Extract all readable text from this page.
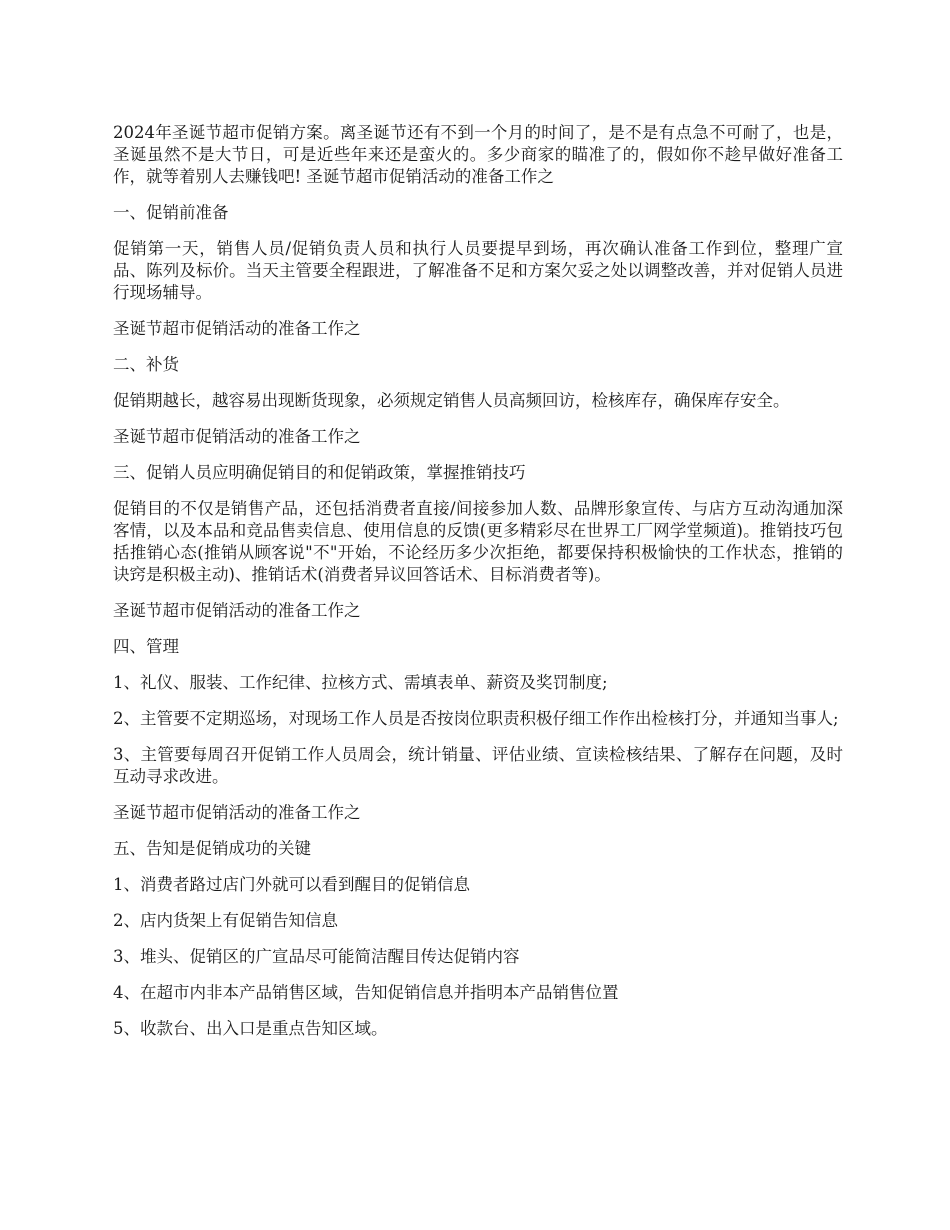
2024年圣诞节超市促销方案。离圣诞节还有不到一个月的时间了，是不是有点急不可耐了，也是，圣诞虽然不是大节日，可是近些年来还是蛮火的。多少商家的瞄准了的，假如你不趁早做好准备工作，就等着别人去赚钱吧! 圣诞节超市促销活动的准备工作之

一、促销前准备

促销第一天，销售人员/促销负责人员和执行人员要提早到场，再次确认准备工作到位，整理广宣品、陈列及标价。当天主管要全程跟进，了解准备不足和方案欠妥之处以调整改善，并对促销人员进行现场辅导。

圣诞节超市促销活动的准备工作之

二、补货

促销期越长，越容易出现断货现象，必须规定销售人员高频回访，检核库存，确保库存安全。

圣诞节超市促销活动的准备工作之

三、促销人员应明确促销目的和促销政策，掌握推销技巧

促销目的不仅是销售产品，还包括消费者直接/间接参加人数、品牌形象宣传、与店方互动沟通加深客情，以及本品和竞品售卖信息、使用信息的反馈(更多精彩尽在世界工厂网学堂频道)。推销技巧包括推销心态(推销从顾客说"不"开始，不论经历多少次拒绝，都要保持积极愉快的工作状态，推销的诀窍是积极主动)、推销话术(消费者异议回答话术、目标消费者等)。

圣诞节超市促销活动的准备工作之

四、管理

1、礼仪、服装、工作纪律、拉核方式、需填表单、薪资及奖罚制度;

2、主管要不定期巡场，对现场工作人员是否按岗位职责积极仔细工作作出检核打分，并通知当事人;

3、主管要每周召开促销工作人员周会，统计销量、评估业绩、宣读检核结果、了解存在问题，及时互动寻求改进。

圣诞节超市促销活动的准备工作之

五、告知是促销成功的关键

1、消费者路过店门外就可以看到醒目的促销信息

2、店内货架上有促销告知信息

3、堆头、促销区的广宣品尽可能简洁醒目传达促销内容

4、在超市内非本产品销售区域，告知促销信息并指明本产品销售位置

5、收款台、出入口是重点告知区域。
